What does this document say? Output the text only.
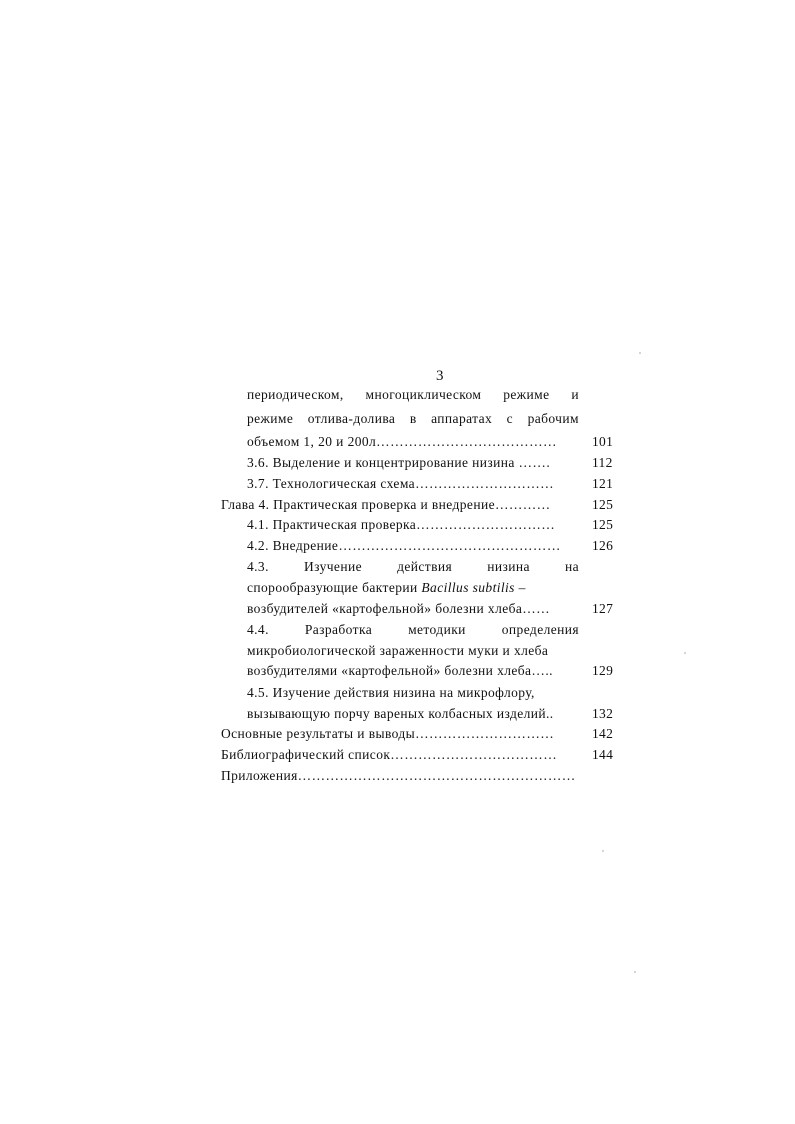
3
периодическом, многоциклическом режиме и
режиме отлива-долива в аппаратах с рабочим
объемом 1, 20 и 200л…………………………………	101
3.6. Выделение и концентрирование низина …….	112
3.7. Технологическая схема…………………………	121
Глава 4. Практическая проверка и внедрение…………	125
4.1. Практическая проверка…………………………	125
4.2. Внедрение………………………………………… 126
4.3.	Изучение	действия	низина	на
спорообразующие бактерии Bacillus subtilis –
возбудителей «картофельной» болезни хлеба……	127
4.4.	Разработка	методики	определения
микробиологической зараженности муки и хлеба
возбудителями «картофельной» болезни хлеба…..	129
4.5. Изучение действия низина на микрофлору,
вызывающую порчу вареных колбасных изделий..	132
Основные результаты и выводы…………………………	142
Библиографический список………………………………	144
Приложения……………………………………………………
